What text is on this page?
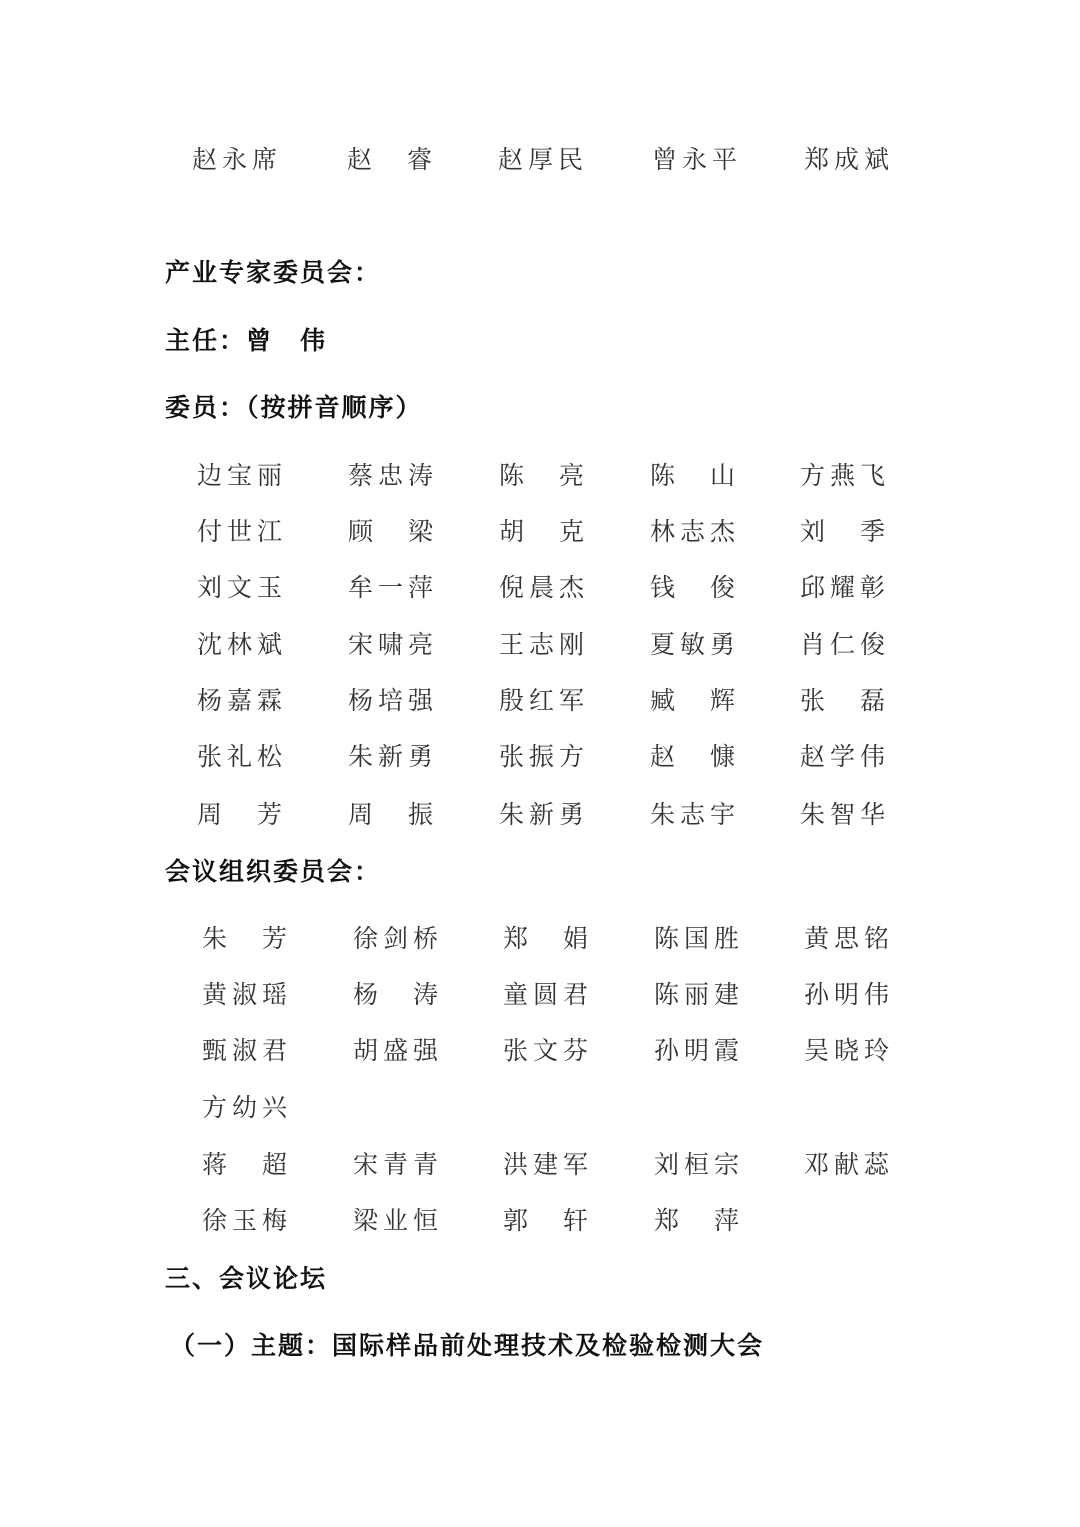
赵永席	赵　睿 赵厚民	曾永平 郑成斌
产业专家委员会：
主任：曾　伟
委员：（按拼音顺序）
边宝丽 蔡忠涛 陈　亮 陈　山 方燕飞
付世江 顾　梁 胡　克 林志杰 刘　季
刘文玉 牟一萍 倪晨杰 钱　俊 邱耀彰
沈林斌 宋啸亮 王志刚 夏敏勇 肖仁俊
杨嘉霖 杨培强 殷红军 臧　辉 张　磊
张礼松 朱新勇 张振方 赵　慷 赵学伟
周　芳 周　振 朱新勇 朱志宇 朱智华
会议组织委员会：
朱　芳 徐剑桥 郑　娟 陈国胜 黄思铭
黄淑瑶 杨　涛 童圆君 陈丽建 孙明伟
甄淑君 胡盛强 张文芬 孙明霞 吴晓玲
方幼兴
蒋　超 宋青青 洪建军 刘桓宗 邓献蕊
徐玉梅 梁业恒 郭　轩 郑　萍
三、会议论坛
（一）主题：国际样品前处理技术及检验检测大会
